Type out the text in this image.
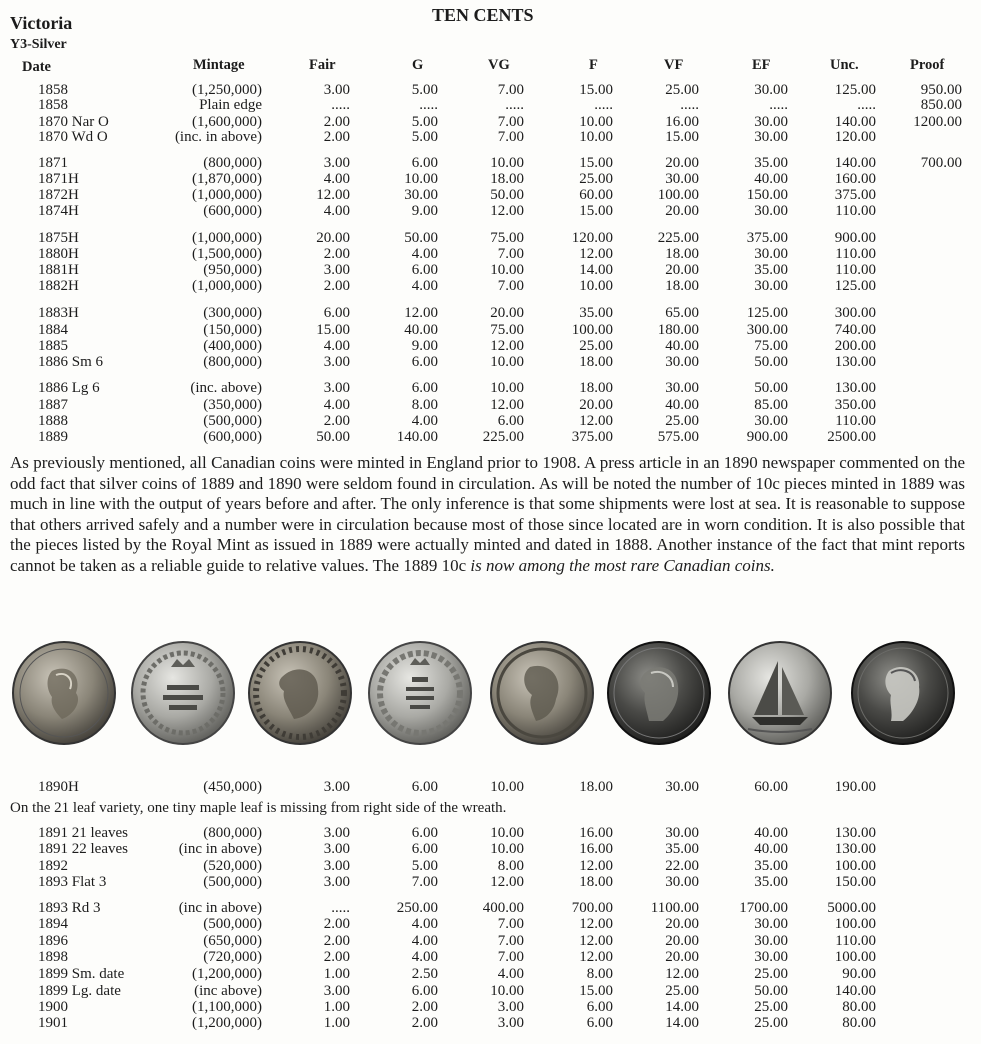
TEN CENTS
Victoria
Y3-Silver
Date	Mintage	Fair	G	VG	F	VF	EF	Unc.	Proof
1858	(1,250,000)	3.00	5.00	7.00	15.00	25.00	30.00	125.00	950.00
1858	Plain edge	.....	.....	.....	.....	.....	.....	.....	850.00
1870 Nar O	(1,600,000)	2.00	5.00	7.00	10.00	16.00	30.00	140.00	1200.00
1870 Wd O	(inc. in above)	2.00	5.00	7.00	10.00	15.00	30.00	120.00
1871	(800,000)	3.00	6.00	10.00	15.00	20.00	35.00	140.00	700.00
1871H	(1,870,000)	4.00	10.00	18.00	25.00	30.00	40.00	160.00
1872H	(1,000,000)	12.00	30.00	50.00	60.00	100.00	150.00	375.00
1874H	(600,000)	4.00	9.00	12.00	15.00	20.00	30.00	110.00
1875H	(1,000,000)	20.00	50.00	75.00	120.00	225.00	375.00	900.00
1880H	(1,500,000)	2.00	4.00	7.00	12.00	18.00	30.00	110.00
1881H	(950,000)	3.00	6.00	10.00	14.00	20.00	35.00	110.00
1882H	(1,000,000)	2.00	4.00	7.00	10.00	18.00	30.00	125.00
1883H	(300,000)	6.00	12.00	20.00	35.00	65.00	125.00	300.00
1884	(150,000)	15.00	40.00	75.00	100.00	180.00	300.00	740.00
1885	(400,000)	4.00	9.00	12.00	25.00	40.00	75.00	200.00
1886 Sm 6	(800,000)	3.00	6.00	10.00	18.00	30.00	50.00	130.00
1886 Lg 6	(inc. above)	3.00	6.00	10.00	18.00	30.00	50.00	130.00
1887	(350,000)	4.00	8.00	12.00	20.00	40.00	85.00	350.00
1888	(500,000)	2.00	4.00	6.00	12.00	25.00	30.00	110.00
1889	(600,000)	50.00	140.00	225.00	375.00	575.00	900.00	2500.00
1890H	(450,000)	3.00	6.00	10.00	18.00	30.00	60.00	190.00
1891 21 leaves	(800,000)	3.00	6.00	10.00	16.00	30.00	40.00	130.00
1891 22 leaves	(inc in above)	3.00	6.00	10.00	16.00	35.00	40.00	130.00
1892	(520,000)	3.00	5.00	8.00	12.00	22.00	35.00	100.00
1893 Flat 3	(500,000)	3.00	7.00	12.00	18.00	30.00	35.00	150.00
1893 Rd 3	(inc in above)	.....	250.00	400.00	700.00	1100.00	1700.00	5000.00
1894	(500,000)	2.00	4.00	7.00	12.00	20.00	30.00	100.00
1896	(650,000)	2.00	4.00	7.00	12.00	20.00	30.00	110.00
1898	(720,000)	2.00	4.00	7.00	12.00	20.00	30.00	100.00
1899 Sm. date	(1,200,000)	1.00	2.50	4.00	8.00	12.00	25.00	90.00
1899 Lg. date	(inc above)	3.00	6.00	10.00	15.00	25.00	50.00	140.00
1900	(1,100,000)	1.00	2.00	3.00	6.00	14.00	25.00	80.00
1901	(1,200,000)	1.00	2.00	3.00	6.00	14.00	25.00	80.00

As previously mentioned, all Canadian coins were minted in England prior to 1908. A press article in an 1890 newspaper commented on the odd fact that silver coins of 1889 and 1890 were seldom found in circulation. As will be noted the number of 10c pieces minted in 1889 was much in line with the output of years before and after. The only inference is that some shipments were lost at sea. It is reasonable to suppose that others arrived safely and a number were in circulation because most of those since located are in worn condition. It is also possible that the pieces listed by the Royal Mint as issued in 1889 were actually minted and dated in 1888. Another instance of the fact that mint reports cannot be taken as a reliable guide to relative values. The 1889 10c is now among the most rare Canadian coins.

On the 21 leaf variety, one tiny maple leaf is missing from right side of the wreath.
